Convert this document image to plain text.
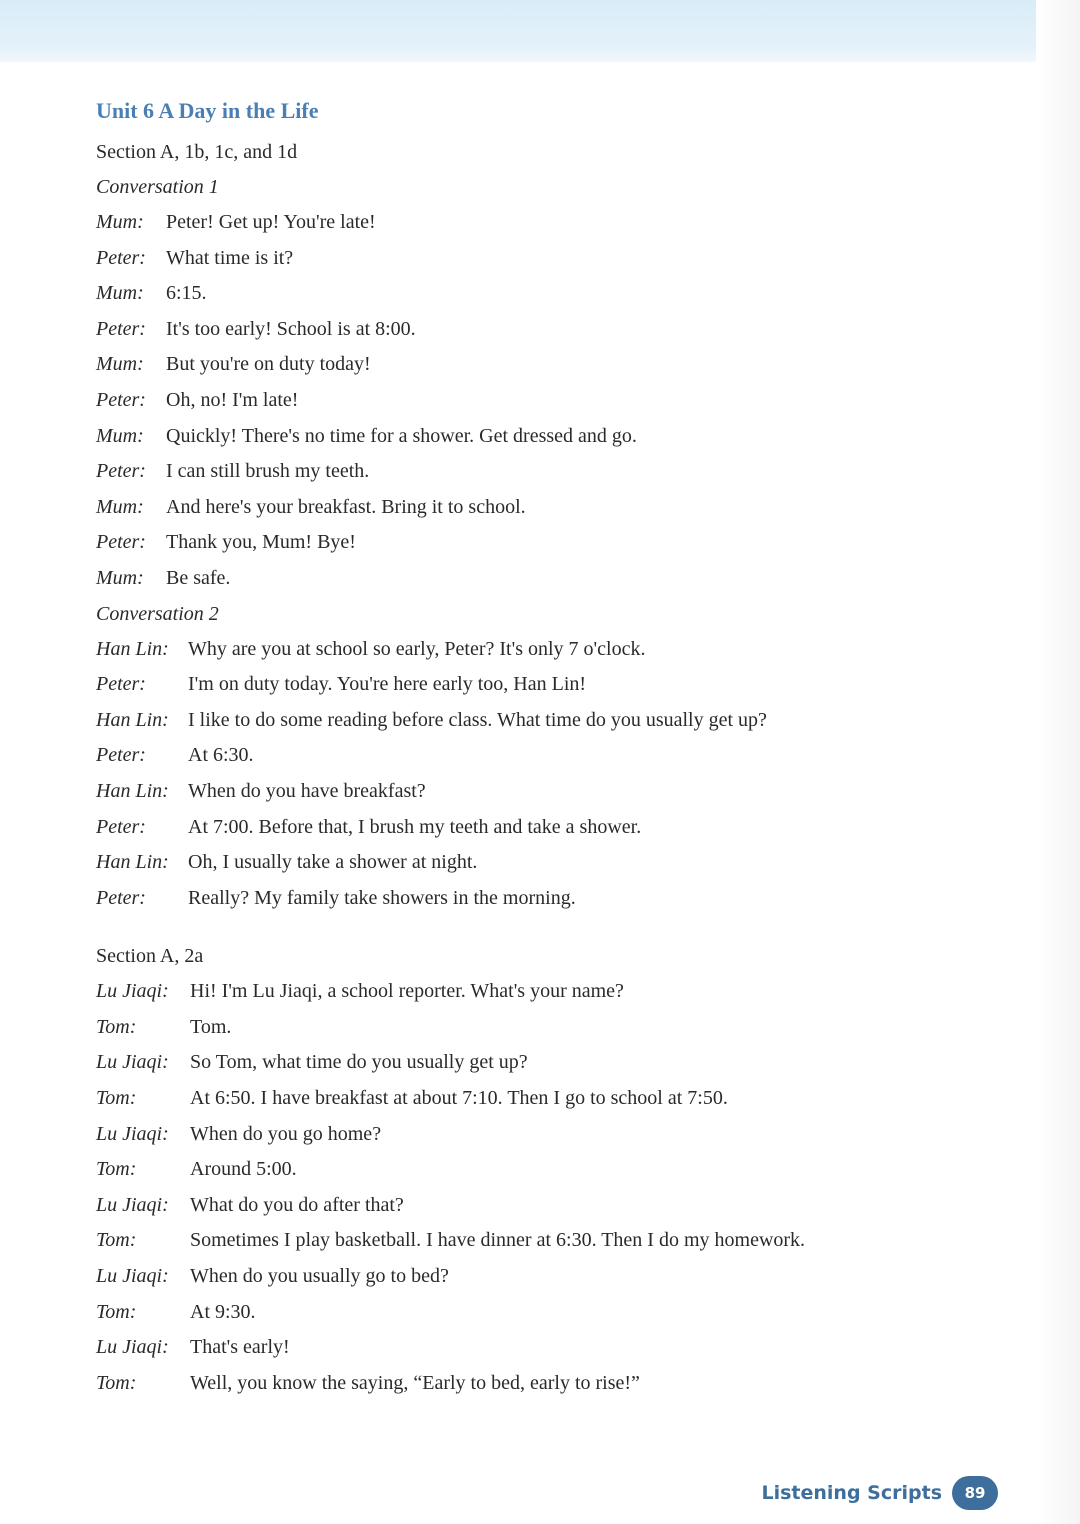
Unit 6 A Day in the Life
Section A, 1b, 1c, and 1d
Conversation 1
Mum:	Peter! Get up! You're late!
Peter:	What time is it?
Mum:	6:15.
Peter:	It's too early! School is at 8:00.
Mum:	But you're on duty today!
Peter:	Oh, no! I'm late!
Mum:	Quickly! There's no time for a shower. Get dressed and go.
Peter:	I can still brush my teeth.
Mum:	And here's your breakfast. Bring it to school.
Peter:	Thank you, Mum! Bye!
Mum:	Be safe.
Conversation 2
Han Lin: Why are you at school so early, Peter? It's only 7 o'clock.
Peter:	I'm on duty today. You're here early too, Han Lin!
Han Lin: I like to do some reading before class. What time do you usually get up?
Peter:	At 6:30.
Han Lin: When do you have breakfast?
Peter:	At 7:00. Before that, I brush my teeth and take a shower.
Han Lin: Oh, I usually take a shower at night.
Peter:	Really? My family take showers in the morning.
Section A, 2a
Lu Jiaqi:	Hi! I'm Lu Jiaqi, a school reporter. What's your name?
Tom:	Tom.
Lu Jiaqi:	So Tom, what time do you usually get up?
Tom:	At 6:50. I have breakfast at about 7:10. Then I go to school at 7:50.
Lu Jiaqi:	When do you go home?
Tom:	Around 5:00.
Lu Jiaqi:	What do you do after that?
Tom:	Sometimes I play basketball. I have dinner at 6:30. Then I do my homework.
Lu Jiaqi:	When do you usually go to bed?
Tom:	At 9:30.
Lu Jiaqi:	That's early!
Tom:	Well, you know the saying, “Early to bed, early to rise!”
Listening Scripts	89
